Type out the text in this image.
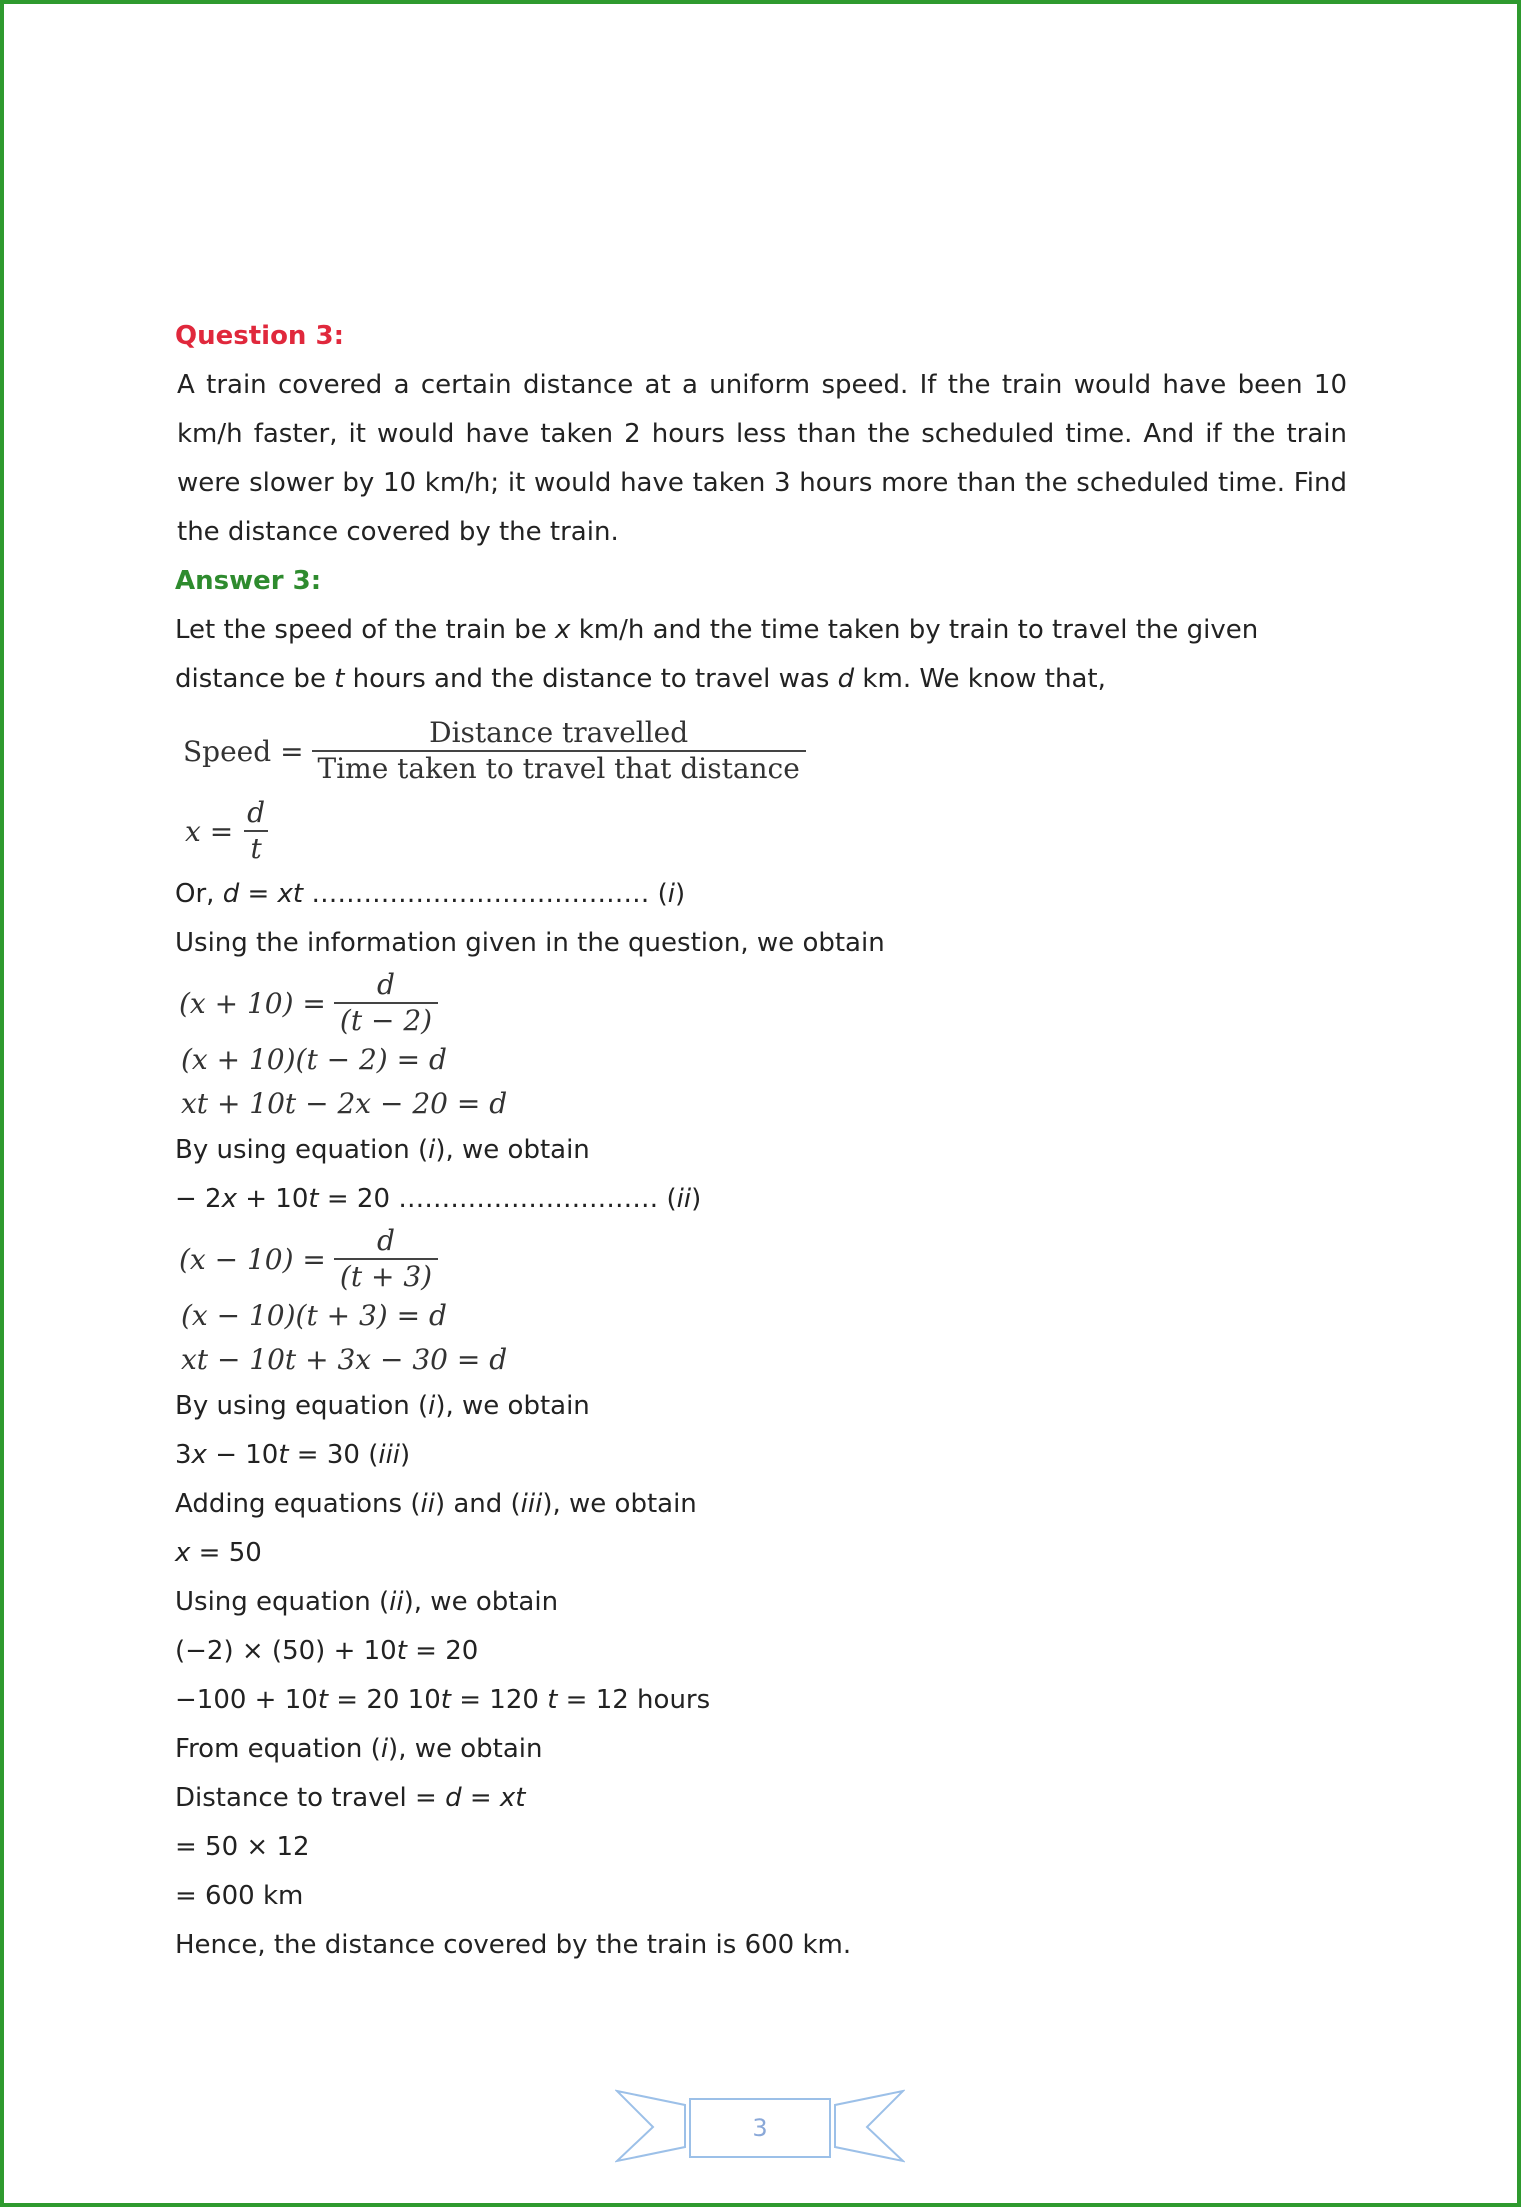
Question 3:
A train covered a certain distance at a uniform speed. If the train would have been 10 km/h faster, it would have taken 2 hours less than the scheduled time. And if the train were slower by 10 km/h; it would have taken 3 hours more than the scheduled time. Find the distance covered by the train.
Answer 3:
Let the speed of the train be x km/h and the time taken by train to travel the given distance be t hours and the distance to travel was d km. We know that,
Speed = $\frac{\text{Distance travelled}}{\text{Time taken to travel that distance}}$
$x = \frac{d}{t}$
Or, d = xt ………………………………… (i)
Using the information given in the question, we obtain
$(x + 10) = \frac{d}{(t - 2)}$
(x + 10)(t − 2) = d
xt + 10t − 2x − 20 = d
By using equation (i), we obtain
− 2x + 10t = 20 ………………………… (ii)
$(x - 10) = \frac{d}{(t + 3)}$
(x − 10)(t + 3) = d
xt − 10t + 3x − 30 = d
By using equation (i), we obtain
3x − 10t = 30 (iii)
Adding equations (ii) and (iii), we obtain
x = 50
Using equation (ii), we obtain
(−2) × (50) + 10t = 20
−100 + 10t = 20 10t = 120 t = 12 hours
From equation (i), we obtain
Distance to travel = d = xt
= 50 × 12
= 600 km
Hence, the distance covered by the train is 600 km.
3
